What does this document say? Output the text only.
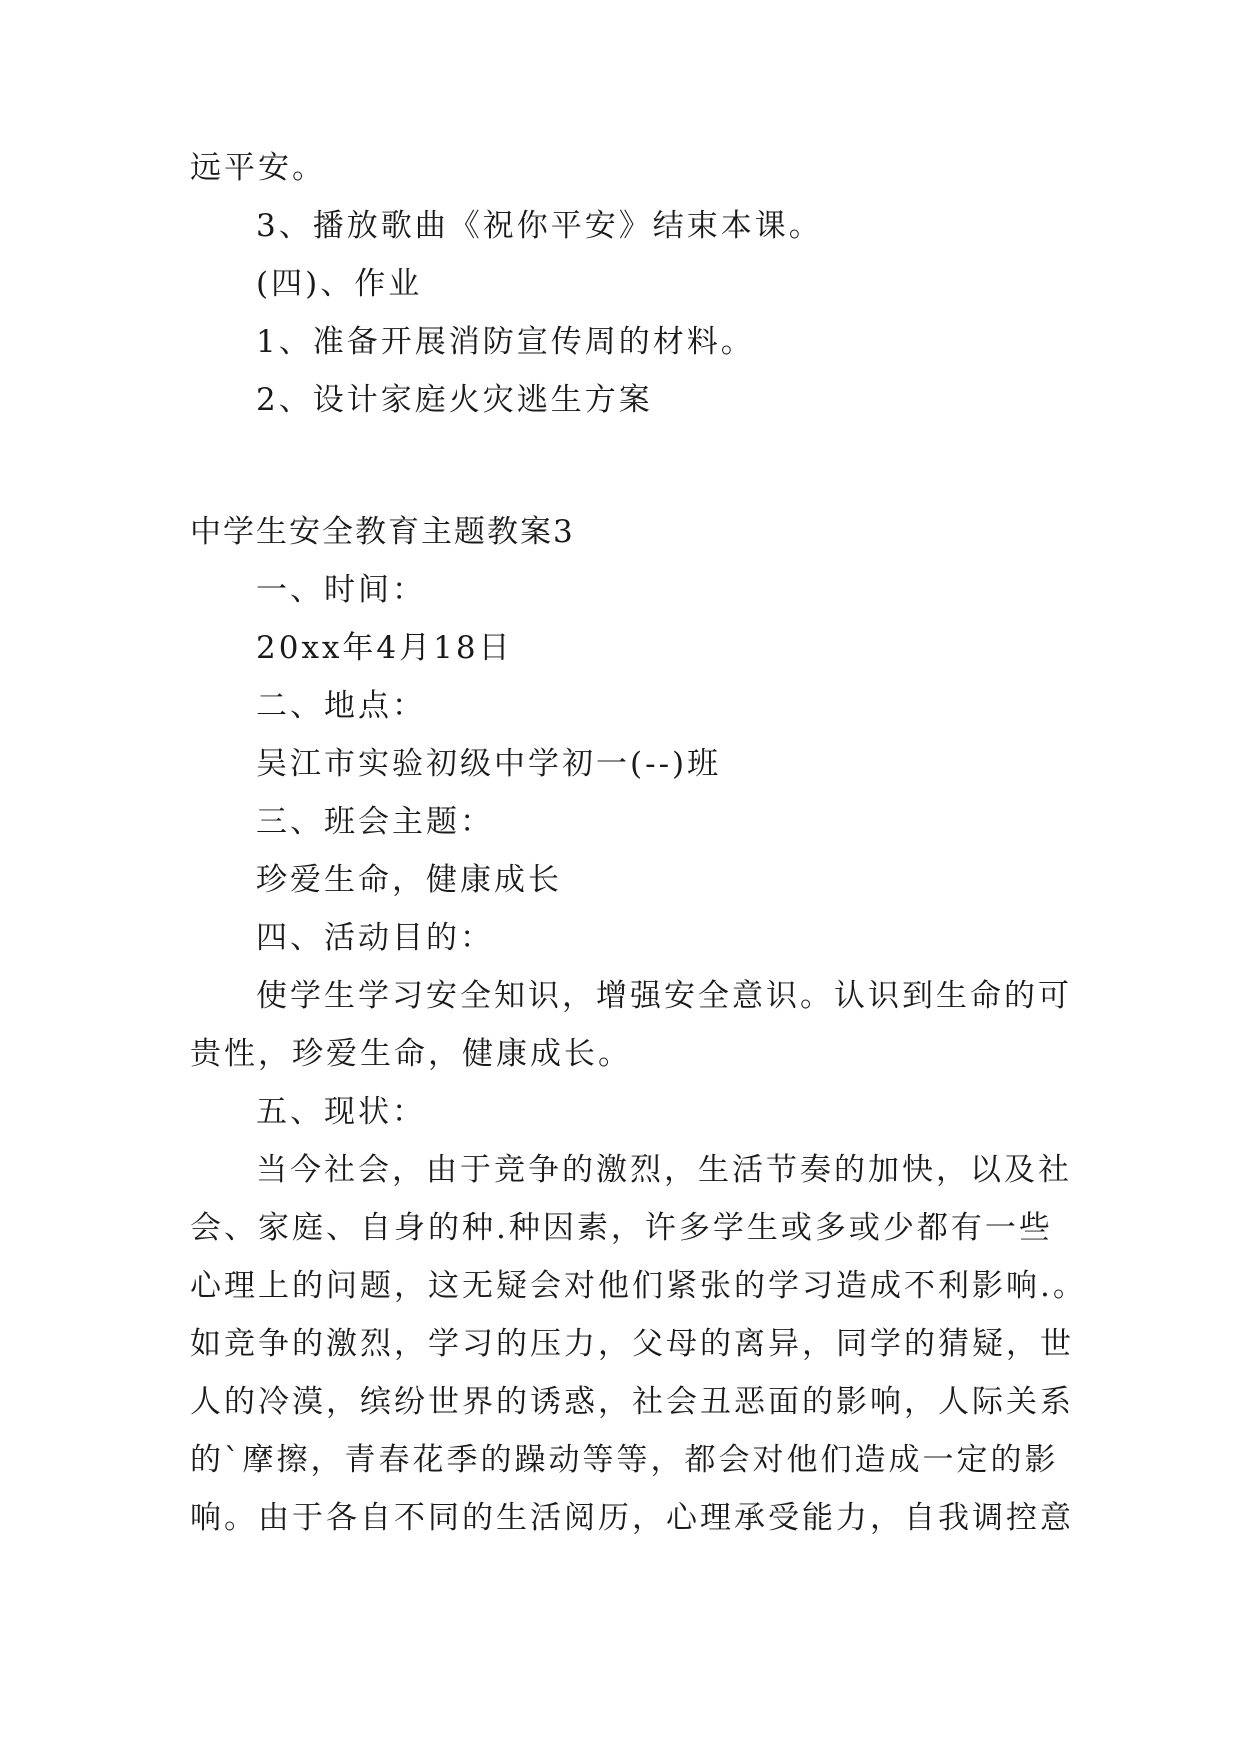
远平安。
3、播放歌曲《祝你平安》结束本课。
(四)、作业
1、准备开展消防宣传周的材料。
2、设计家庭火灾逃生方案
中学生安全教育主题教案3
一、时间：
20xx年4月18日
二、地点：
吴江市实验初级中学初一(--)班
三、班会主题：
珍爱生命，健康成长
四、活动目的：
使学生学习安全知识，增强安全意识。认识到生命的可
贵性，珍爱生命，健康成长。
五、现状：
当今社会，由于竞争的激烈，生活节奏的加快，以及社
会、家庭、自身的种.种因素，许多学生或多或少都有一些
心理上的问题，这无疑会对他们紧张的学习造成不利影响.。
如竞争的激烈，学习的压力，父母的离异，同学的猜疑，世
人的冷漠，缤纷世界的诱惑，社会丑恶面的影响，人际关系
的`摩擦，青春花季的躁动等等，都会对他们造成一定的影
响。由于各自不同的生活阅历，心理承受能力，自我调控意
